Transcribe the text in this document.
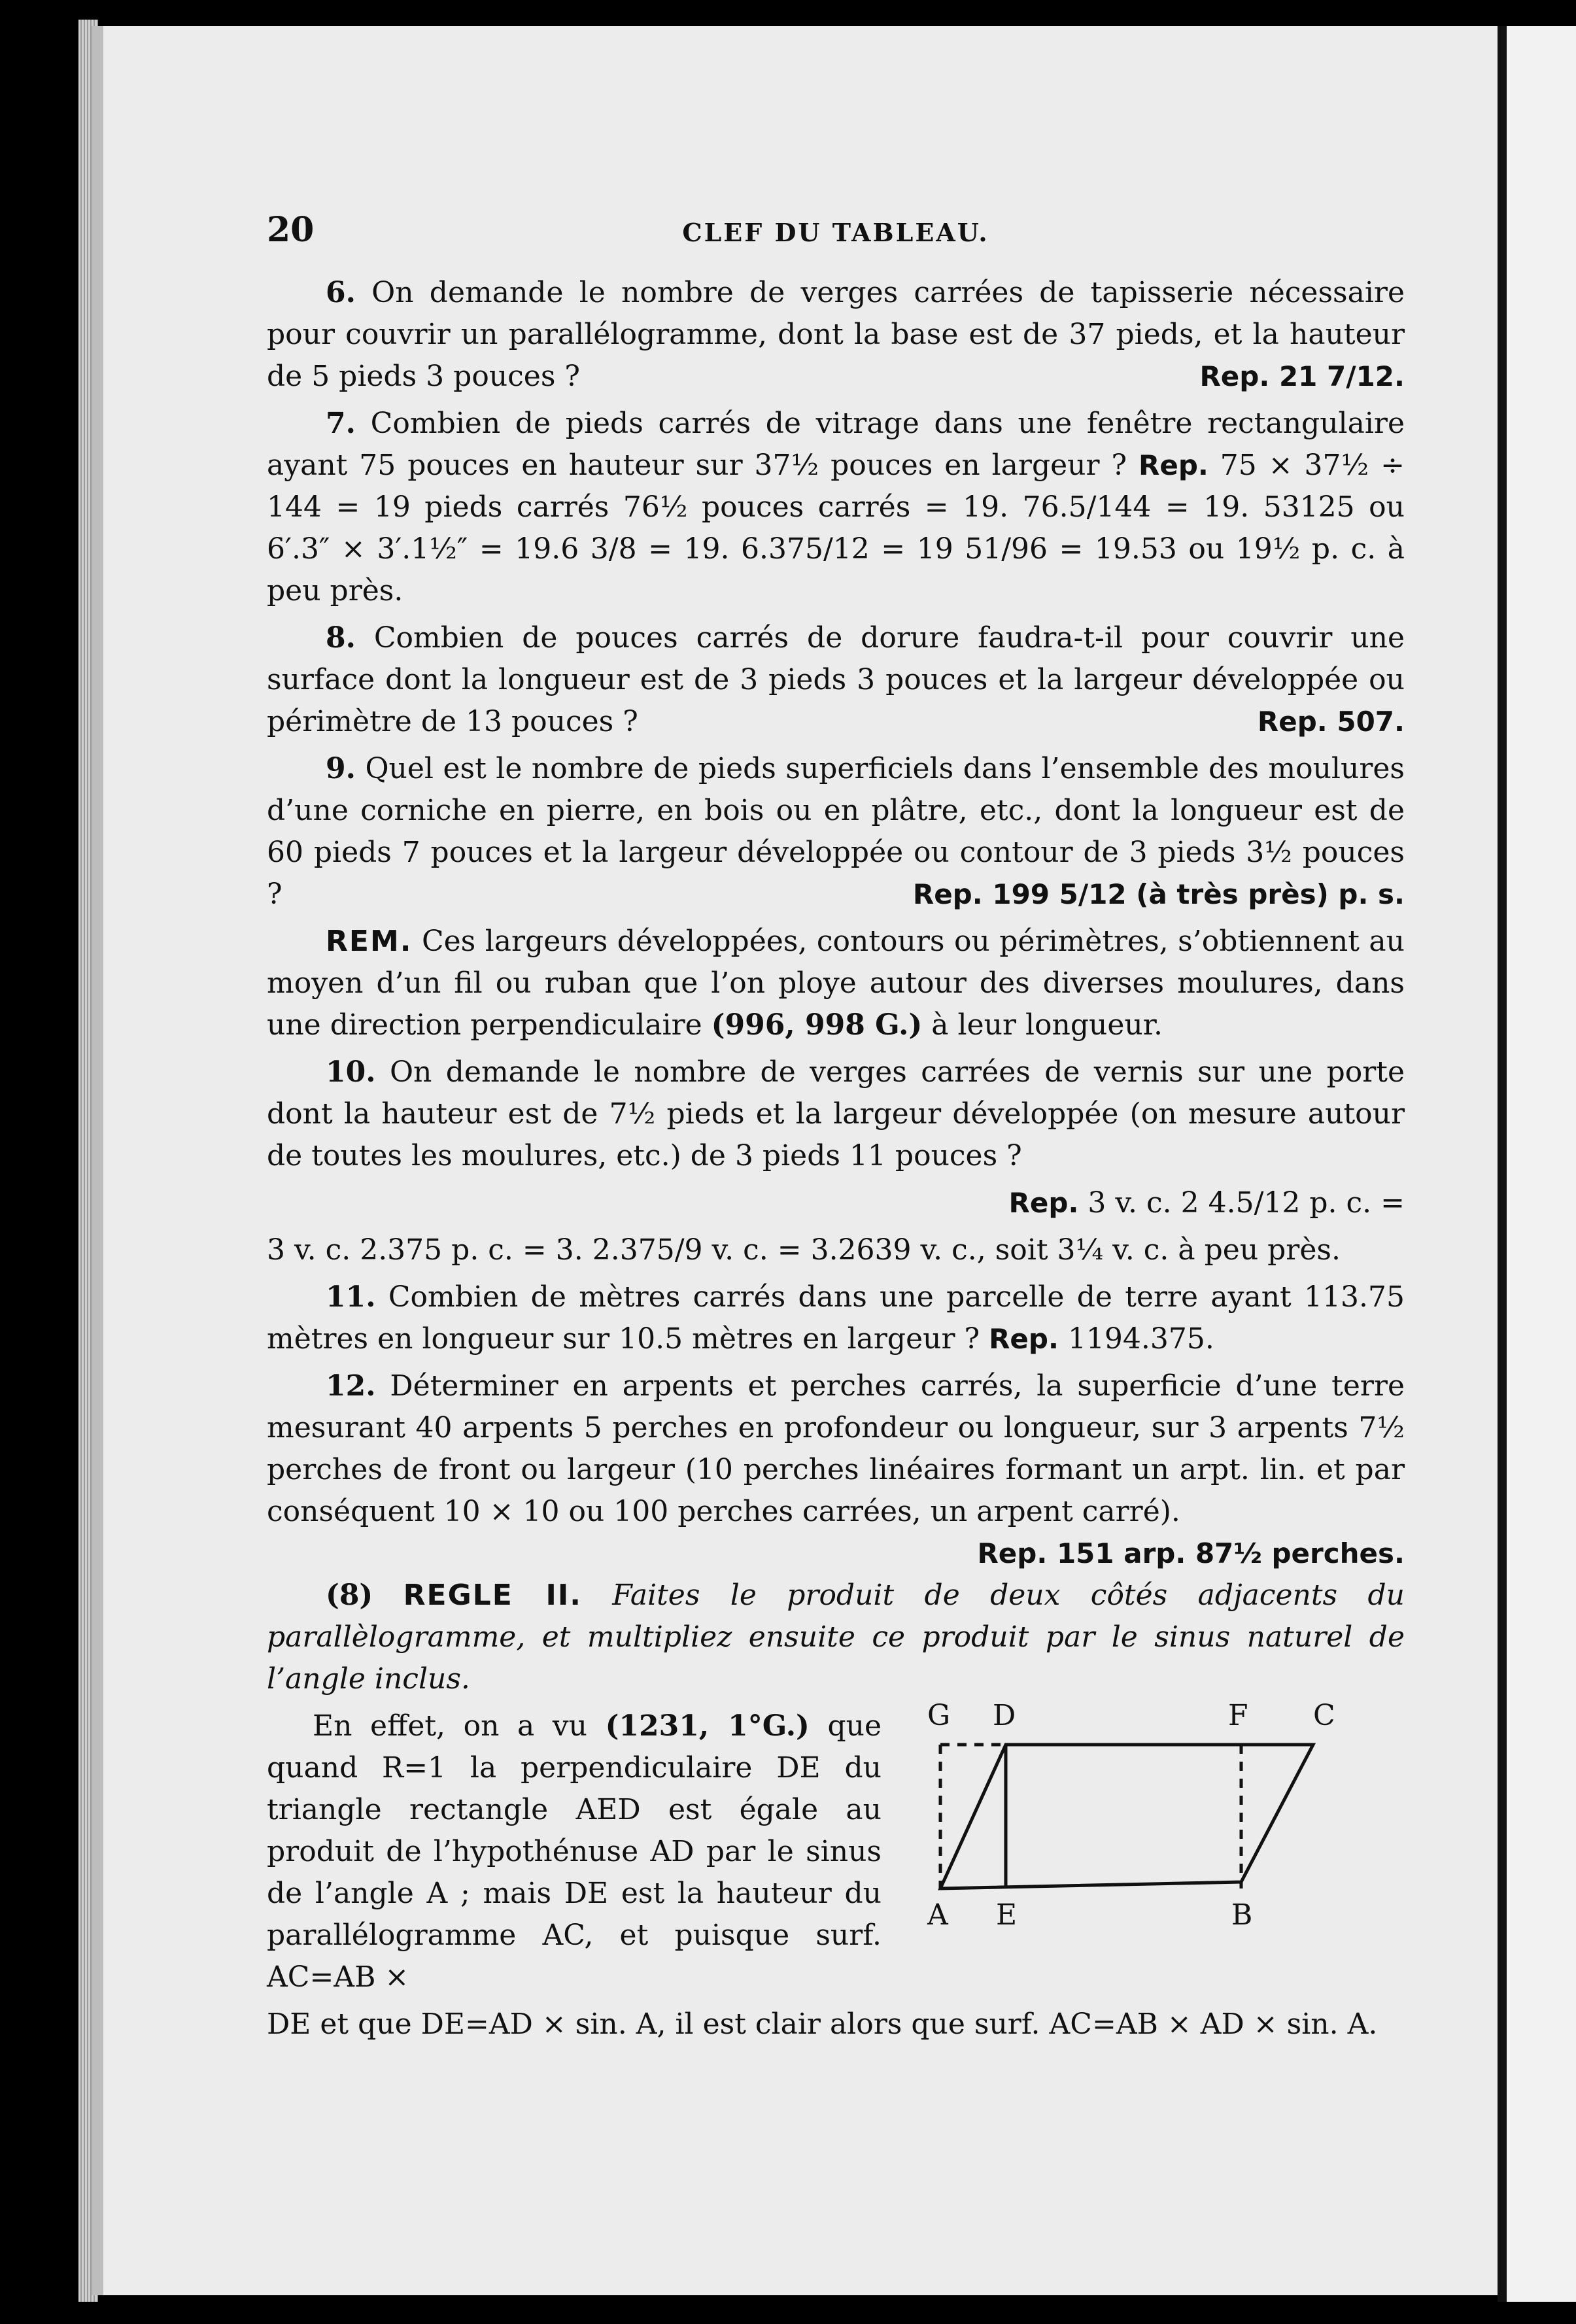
20	CLEF DU TABLEAU.

6. On demande le nombre de verges carrées de tapisserie nécessaire pour couvrir un parallélogramme, dont la base est de 37 pieds, et la hauteur de 5 pieds 3 pouces ?	Rep. 21 7/12.

7. Combien de pieds carrés de vitrage dans une fenêtre rectangulaire ayant 75 pouces en hauteur sur 37½ pouces en largeur ? Rep. 75 × 37½ ÷ 144 = 19 pieds carrés 76½ pouces carrés = 19. 76.5/144 = 19. 53125 ou 6′.3″ × 3′.1½″ = 19.6 3/8 = 19. 6.375/12 = 19 51/96 = 19.53 ou 19½ p. c. à peu près.

8. Combien de pouces carrés de dorure faudra-t-il pour couvrir une surface dont la longueur est de 3 pieds 3 pouces et la largeur développée ou périmètre de 13 pouces ?	Rep. 507.

9. Quel est le nombre de pieds superficiels dans l’ensemble des moulures d’une corniche en pierre, en bois ou en plâtre, etc., dont la longueur est de 60 pieds 7 pouces et la largeur développée ou contour de 3 pieds 3½ pouces ?	Rep. 199 5/12 (à très près) p. s.

REM. Ces largeurs développées, contours ou périmètres, s’obtiennent au moyen d’un fil ou ruban que l’on ploye autour des diverses moulures, dans une direction perpendiculaire (996, 998 G.) à leur longueur.

10. On demande le nombre de verges carrées de vernis sur une porte dont la hauteur est de 7½ pieds et la largeur développée (on mesure autour de toutes les moulures, etc.) de 3 pieds 11 pouces ?

Rep. 3 v. c. 2 4.5/12 p. c. =

3 v. c. 2.375 p. c. = 3. 2.375/9 v. c. = 3.2639 v. c., soit 3¼ v. c. à peu près.

11. Combien de mètres carrés dans une parcelle de terre ayant 113.75 mètres en longueur sur 10.5 mètres en largeur ? Rep. 1194.375.

12. Déterminer en arpents et perches carrés, la superficie d’une terre mesurant 40 arpents 5 perches en profondeur ou longueur, sur 3 arpents 7½ perches de front ou largeur (10 perches linéaires formant un arpt. lin. et par conséquent 10 × 10 ou 100 perches carrées, un arpent carré).
Rep. 151 arp. 87½ perches.

(8) REGLE II. Faites le produit de deux côtés adjacents du parallèlogramme, et multipliez ensuite ce produit par le sinus naturel de l’angle inclus.

En effet, on a vu (1231, 1°G.) que quand R=1 la perpendiculaire DE du triangle rectangle AED est égale au produit de l’hypothénuse AD par le sinus de l’angle A ; mais DE est la hauteur du parallélogramme AC, et puisque surf. AC=AB ×

DE et que DE=AD × sin. A, il est clair alors que surf. AC=AB × AD × sin. A.

G D	F C
A E	B
